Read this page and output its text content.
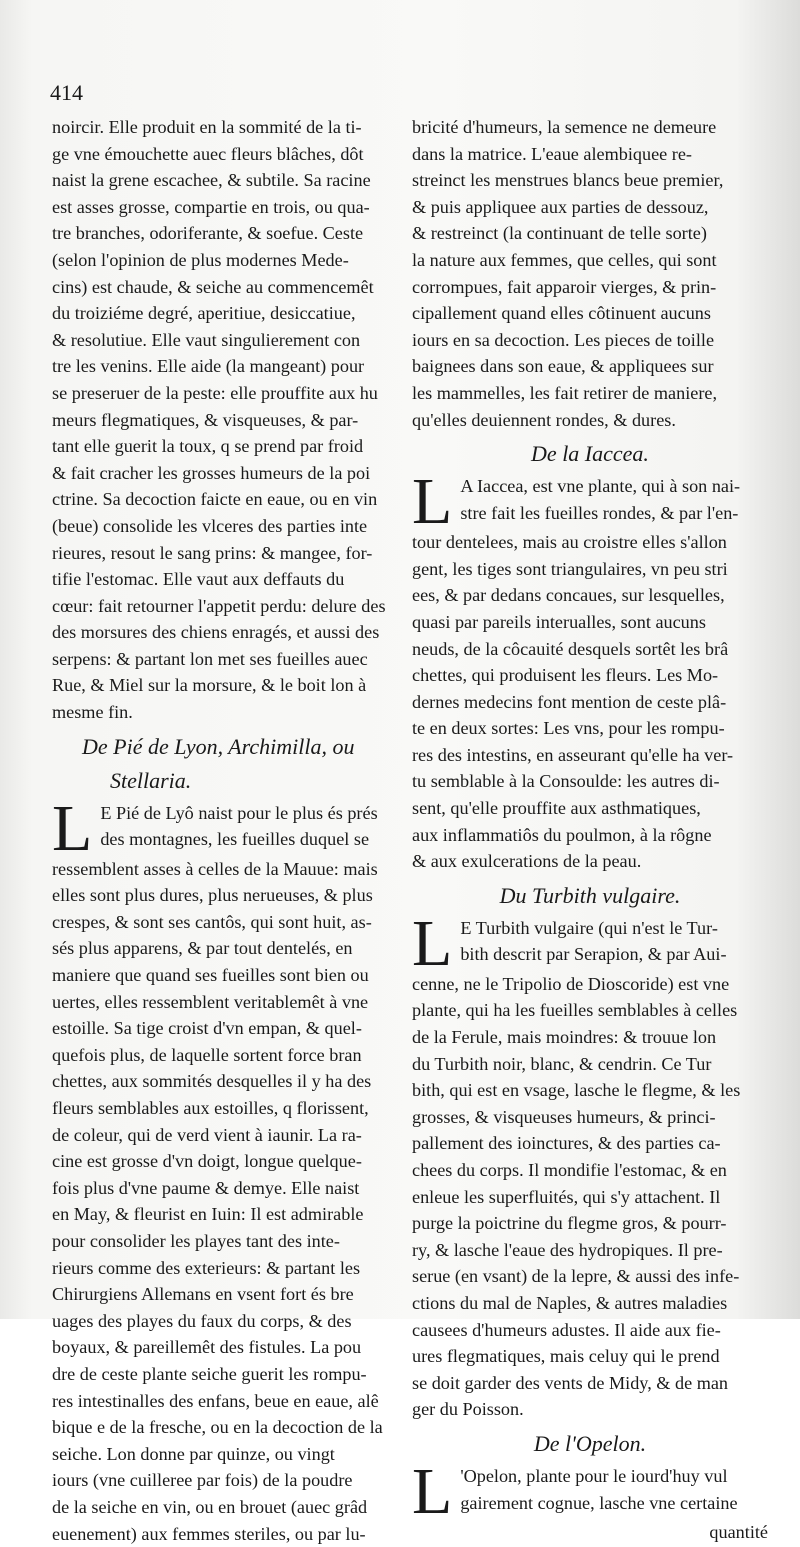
414
noircir. Elle produit en la sommité de la ti-
ge vne émouchette auec fleurs blâches, dôt
naist la grene escachee, & subtile. Sa racine
est asses grosse, compartie en trois, ou qua-
tre branches, odoriferante, & soefue. Ceste
(selon l'opinion de plus modernes Mede-
cins) est chaude, & seiche au commencemêt
du troiziéme degré, aperitiue, desiccatiue,
& resolutiue. Elle vaut singulierement con
tre les venins. Elle aide (la mangeant) pour
se preseruer de la peste: elle prouffite aux hu
meurs flegmatiques, & visqueuses, & par-
tant elle guerit la toux, q se prend par froid
& fait cracher les grosses humeurs de la poi
ctrine. Sa decoction faicte en eaue, ou en vin
(beue) consolide les vlceres des parties inte
rieures, resout le sang prins: & mangee, for-
tifie l'estomac. Elle vaut aux deffauts du
cœur: fait retourner l'appetit perdu: delure des
des morsures des chiens enragés, et aussi des
serpens: & partant lon met ses fueilles auec
Rue, & Miel sur la morsure, & le boit lon à
mesme fin.
De Pié de Lyon, Archimilla, ou
Stellaria.
L E Pié de Lyô naist pour le plus és prés
des montagnes, les fueilles duquel se
ressemblent asses à celles de la Mauue: mais
elles sont plus dures, plus nerueuses, & plus
crespes, & sont ses cantôs, qui sont huit, as-
sés plus apparens, & par tout dentelés, en
maniere que quand ses fueilles sont bien ou
uertes, elles ressemblent veritablemêt à vne
estoille. Sa tige croist d'vn empan, & quel-
quefois plus, de laquelle sortent force bran
chettes, aux sommités desquelles il y ha des
fleurs semblables aux estoilles, q florissent,
de coleur, qui de verd vient à iaunir. La ra-
cine est grosse d'vn doigt, longue quelque-
fois plus d'vne paume & demye. Elle naist
en May, & fleurist en Iuin: Il est admirable
pour consolider les playes tant des inte-
rieurs comme des exterieurs: & partant les
Chirurgiens Allemans en vsent fort és bre
uages des playes du faux du corps, & des
boyaux, & pareillemêt des fistules. La pou
dre de ceste plante seiche guerit les rompu-
res intestinalles des enfans, beue en eaue, alê
bique e de la fresche, ou en la decoction de la
seiche. Lon donne par quinze, ou vingt
iours (vne cuilleree par fois) de la poudre
de la seiche en vin, ou en brouet (auec grâd
euenement) aux femmes steriles, ou par lu-
bricité d'humeurs, la semence ne demeure
dans la matrice. L'eaue alembiquee re-
streinct les menstrues blancs beue premier,
& puis appliquee aux parties de dessouz,
& restreinct (la continuant de telle sorte)
la nature aux femmes, que celles, qui sont
corrompues, fait apparoir vierges, & prin-
cipallement quand elles côtinuent aucuns
iours en sa decoction. Les pieces de toille
baignees dans son eaue, & appliquees sur
les mammelles, les fait retirer de maniere,
qu'elles deuiennent rondes, & dures.
De la Iaccea.
L A Iaccea, est vne plante, qui à son nai-
stre fait les fueilles rondes, & par l'en-
tour dentelees, mais au croistre elles s'allon
gent, les tiges sont triangulaires, vn peu stri
ees, & par dedans concaues, sur lesquelles,
quasi par pareils interualles, sont aucuns
neuds, de la côcauité desquels sortêt les brâ
chettes, qui produisent les fleurs. Les Mo-
dernes medecins font mention de ceste plâ-
te en deux sortes: Les vns, pour les rompu-
res des intestins, en asseurant qu'elle ha ver-
tu semblable à la Consoulde: les autres di-
sent, qu'elle prouffite aux asthmatiques,
aux inflammatiôs du poulmon, à la rôgne
& aux exulcerations de la peau.
Du Turbith vulgaire.
L E Turbith vulgaire (qui n'est le Tur-
bith descrit par Serapion, & par Aui-
cenne, ne le Tripolio de Dioscoride) est vne
plante, qui ha les fueilles semblables à celles
de la Ferule, mais moindres: & trouue lon
du Turbith noir, blanc, & cendrin. Ce Tur
bith, qui est en vsage, lasche le flegme, & les
grosses, & visqueuses humeurs, & princi-
pallement des ioinctures, & des parties ca-
chees du corps. Il mondifie l'estomac, & en
enleue les superfluités, qui s'y attachent. Il
purge la poictrine du flegme gros, & pourr-
ry, & lasche l'eaue des hydropiques. Il pre-
serue (en vsant) de la lepre, & aussi des infe-
ctions du mal de Naples, & autres maladies
causees d'humeurs adustes. Il aide aux fie-
ures flegmatiques, mais celuy qui le prend
se doit garder des vents de Midy, & de man
ger du Poisson.
De l'Opelon.
L 'Opelon, plante pour le iourd'huy vul
gairement cognue, lasche vne certaine
quantité
